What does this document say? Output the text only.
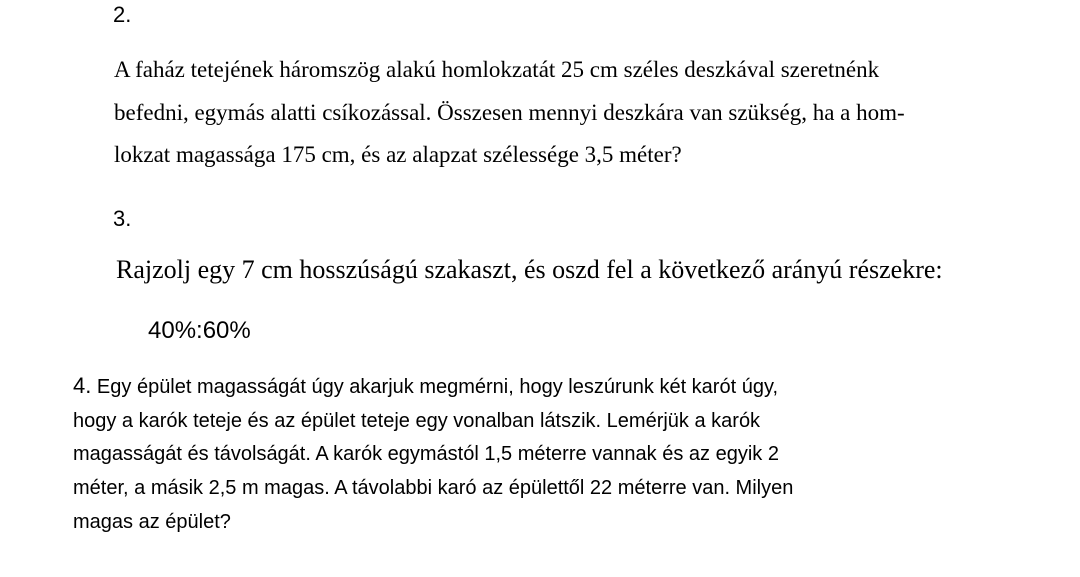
2.
A faház tetejének háromszög alakú homlokzatát 25 cm széles deszkával szeretnénk
befedni, egymás alatti csíkozással. Összesen mennyi deszkára van szükség, ha a hom-
lokzat magassága 175 cm, és az alapzat szélessége 3,5 méter?
3.
Rajzolj egy 7 cm hosszúságú szakaszt, és oszd fel a következő arányú részekre:
40%:60%
4. Egy épület magasságát úgy akarjuk megmérni, hogy leszúrunk két karót úgy,
hogy a karók teteje és az épület teteje egy vonalban látszik. Lemérjük a karók
magasságát és távolságát. A karók egymástól 1,5 méterre vannak és az egyik 2
méter, a másik 2,5 m magas. A távolabbi karó az épülettől 22 méterre van. Milyen
magas az épület?
